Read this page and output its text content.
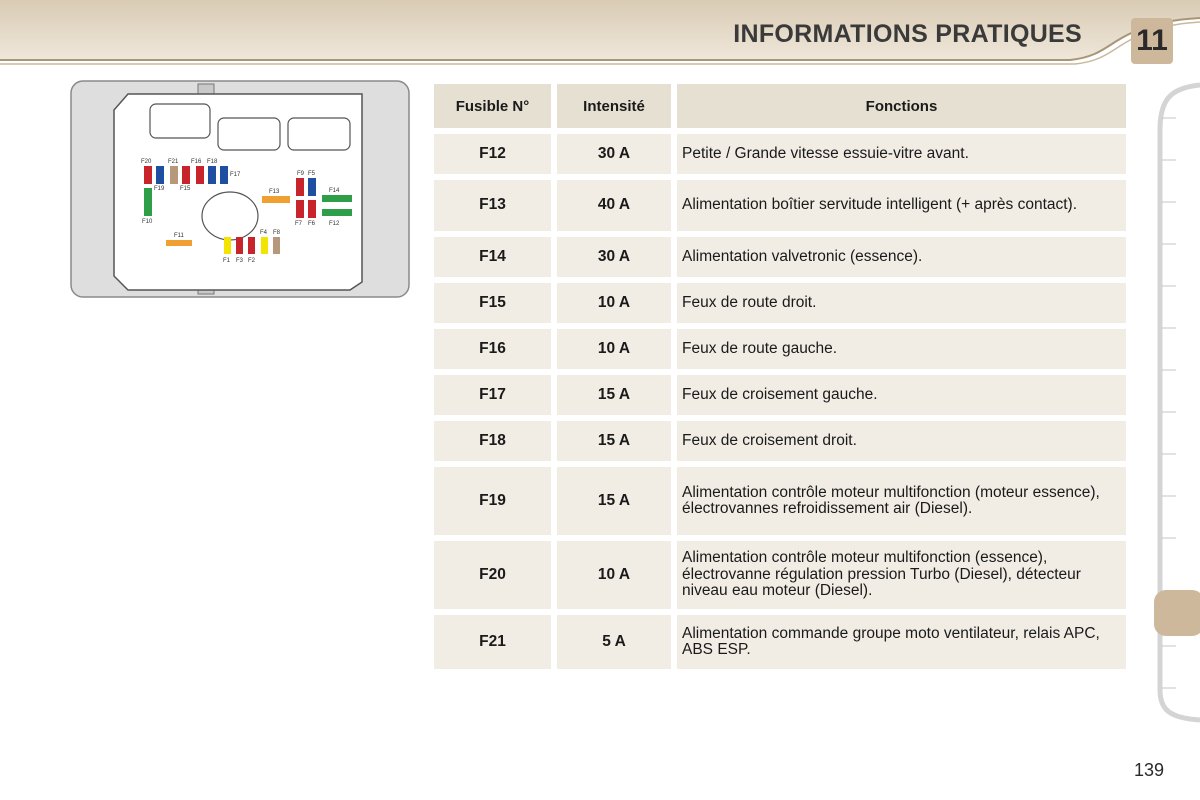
INFORMATIONS PRATIQUES 11
F20	F21 F16 F18
F17
F19	F15
F9 F5
F13	F14
F10	F7 F6 F12
F11	F4 F8
F1 F3 F2
Fusible N°	Intensité	Fonctions
F12	30 A	Petite / Grande vitesse essuie-vitre avant.
F13	40 A	Alimentation boîtier servitude intelligent (+ après contact).
F14	30 A	Alimentation valvetronic (essence).
F15	10 A	Feux de route droit.
F16	10 A	Feux de route gauche.
F17	15 A	Feux de croisement gauche.
F18	15 A	Feux de croisement droit.
F19	15 A	Alimentation contrôle moteur multifonction (moteur essence), électrovannes refroidissement air (Diesel).
F20	10 A	Alimentation contrôle moteur multifonction (essence), électrovanne régulation pression Turbo (Diesel), détecteur niveau eau moteur (Diesel).
F21	5 A	Alimentation commande groupe moto ventilateur, relais APC, ABS ESP.
139
